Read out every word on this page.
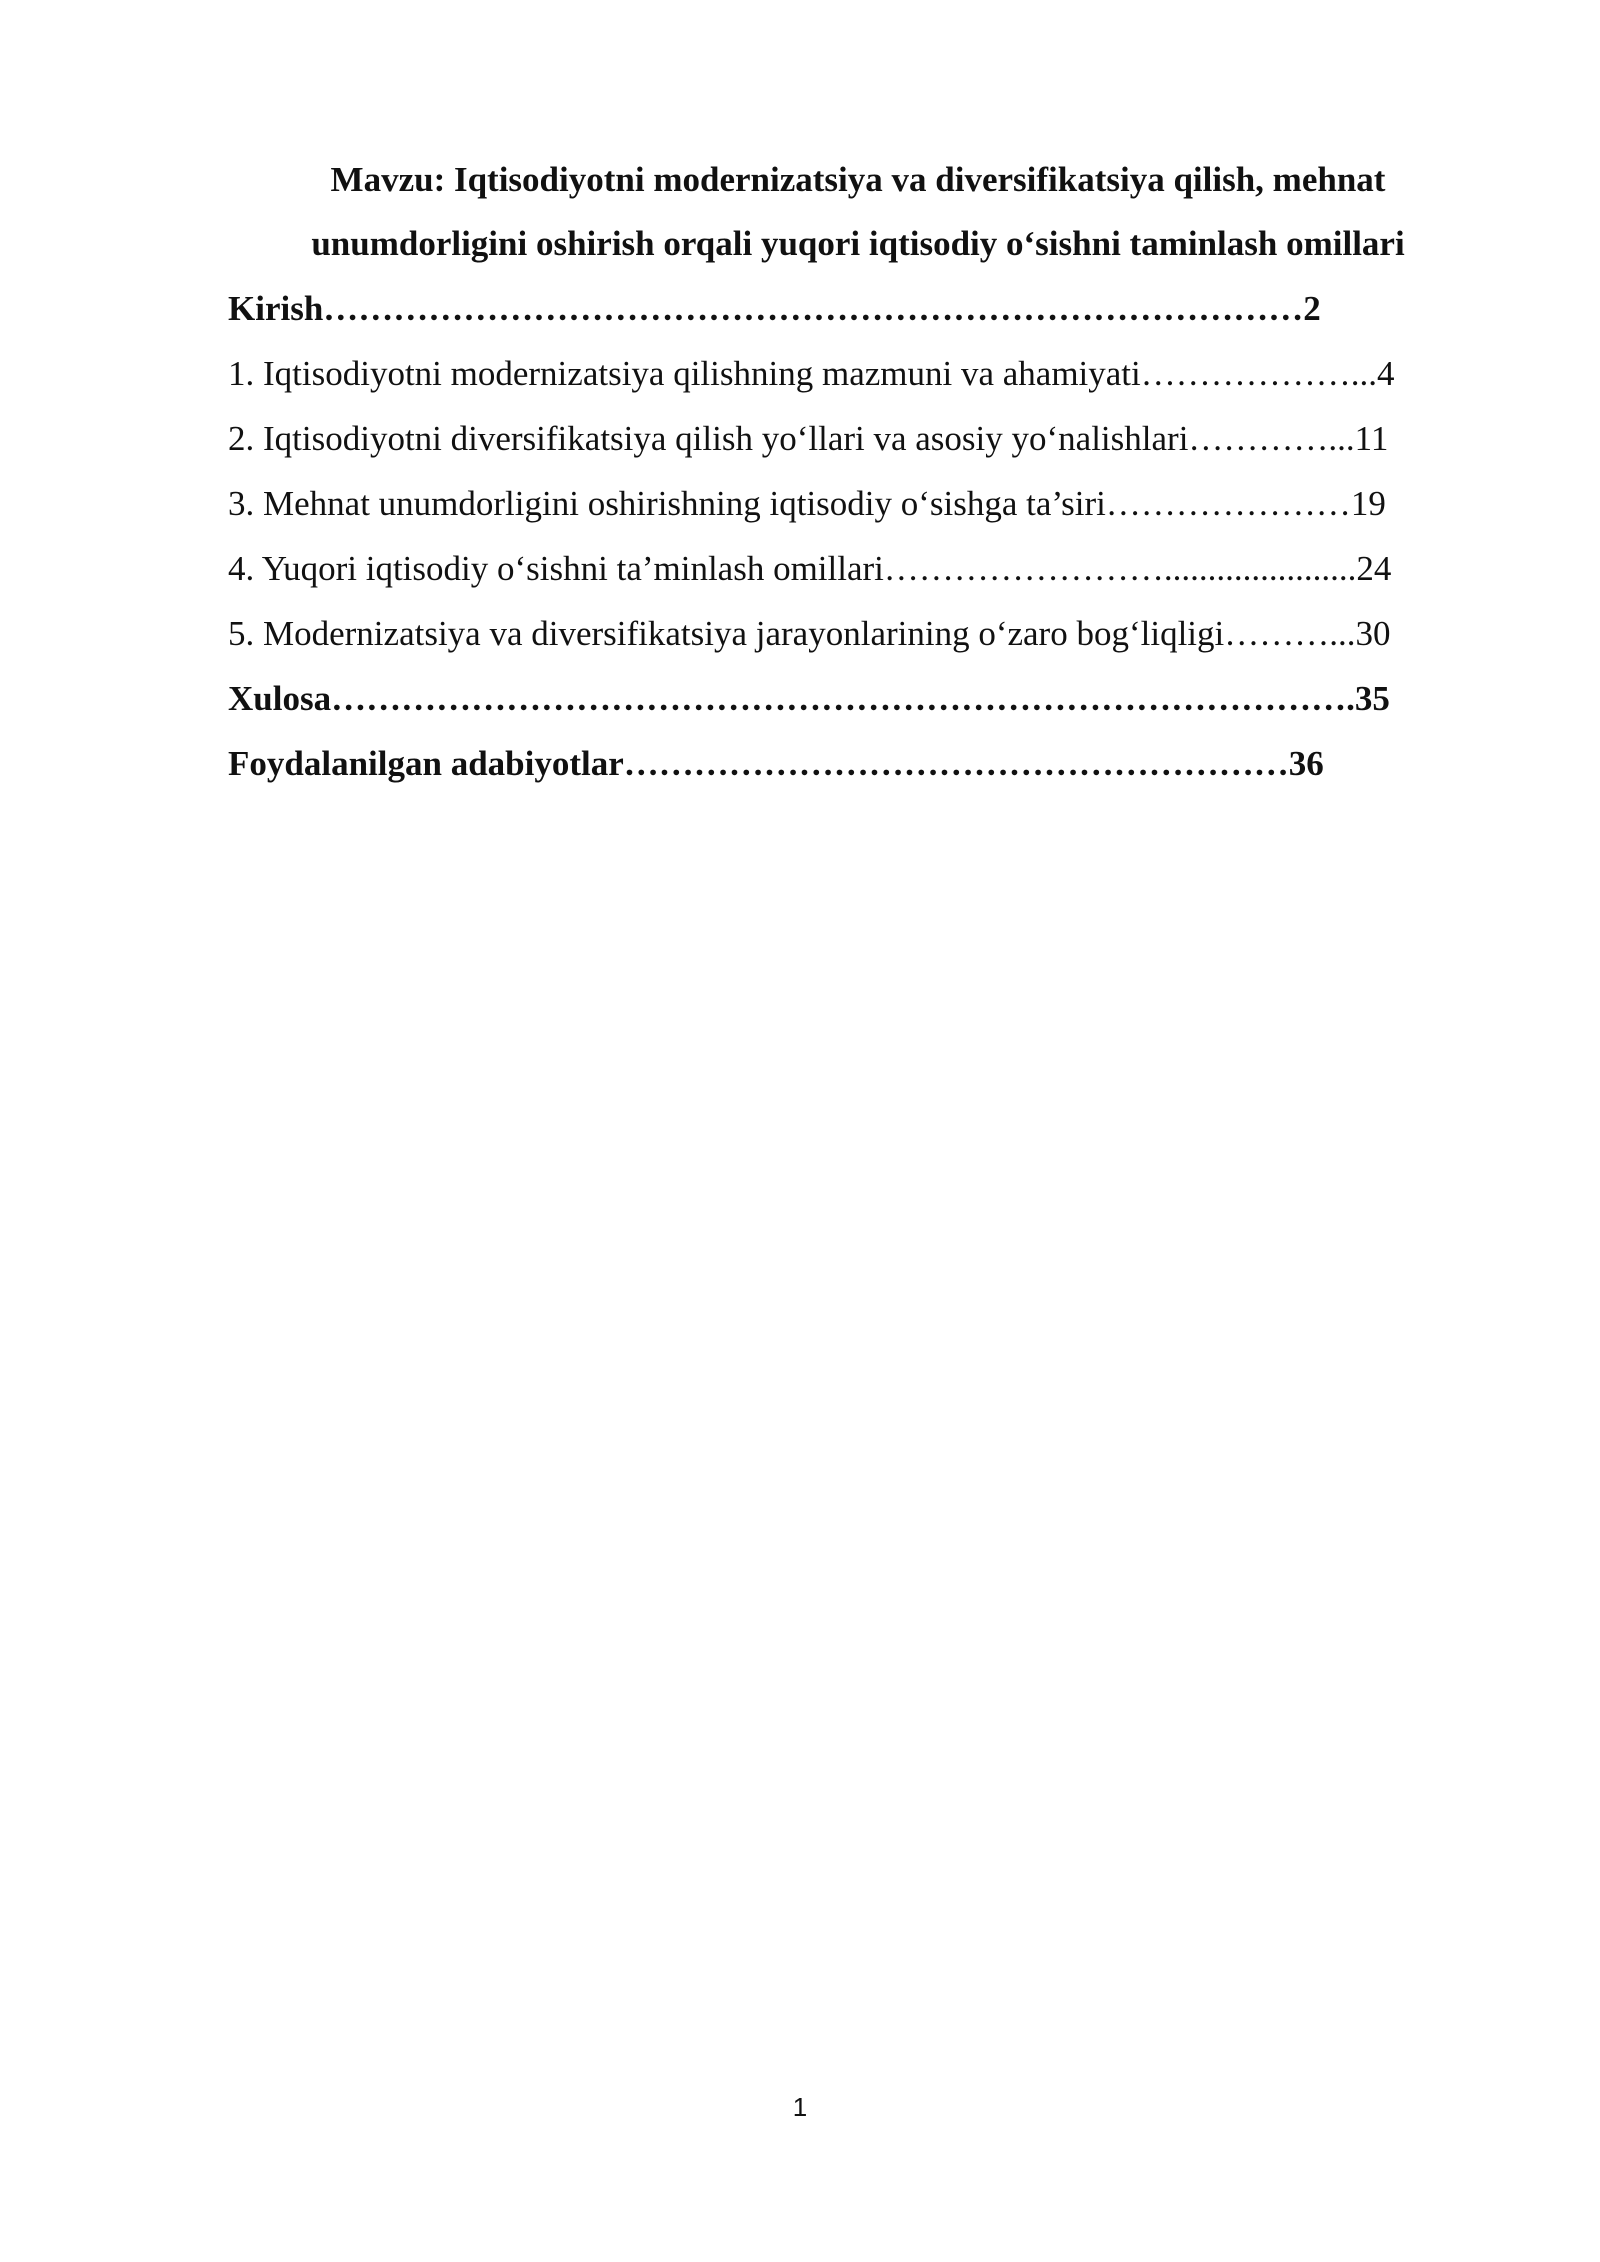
Mavzu: Iqtisodiyotni modernizatsiya va diversifikatsiya qilish, mehnat
unumdorligini oshirish orqali yuqori iqtisodiy o‘sishni taminlash omillari
Kirish…………………………………………………………………………2
1. Iqtisodiyotni modernizatsiya qilishning mazmuni va ahamiyati………………...4
2. Iqtisodiyotni diversifikatsiya qilish yo‘llari va asosiy yo‘nalishlari…………...11
3. Mehnat unumdorligini oshirishning iqtisodiy o‘sishga ta’siri…………………19
4. Yuqori iqtisodiy o‘sishni ta’minlash omillari……………………......................24
5. Modernizatsiya va diversifikatsiya jarayonlarining o‘zaro bog‘liqligi………...30
Xulosa…………………………………………………………………………….35
Foydalanilgan adabiyotlar…………………………………………………36
1
